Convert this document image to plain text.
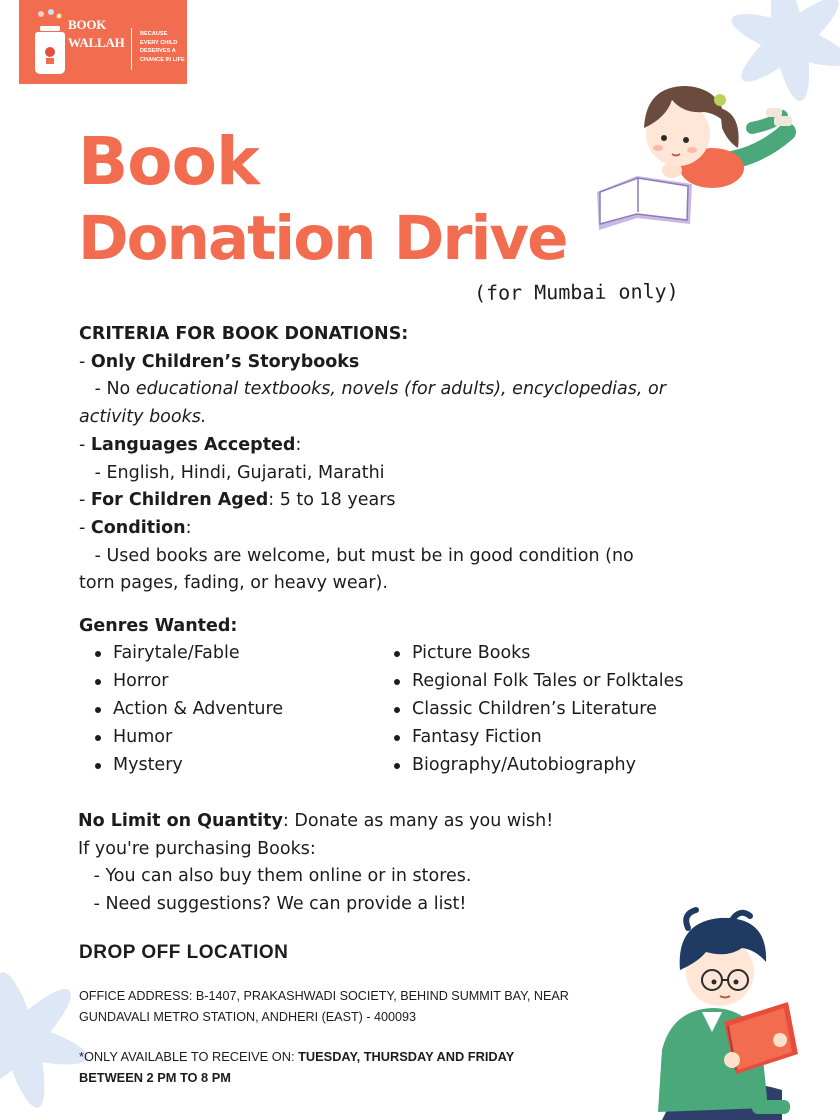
BOOK
WALLAH
BECAUSE
EVERY CHILD
DESERVES A
CHANCE IN LIFE
Book
Donation Drive
(for Mumbai only)
CRITERIA FOR BOOK DONATIONS:
- Only Children’s Storybooks
- No educational textbooks, novels (for adults), encyclopedias, or
activity books.
- Languages Accepted:
- English, Hindi, Gujarati, Marathi
- For Children Aged: 5 to 18 years
- Condition:
- Used books are welcome, but must be in good condition (no
torn pages, fading, or heavy wear).
Genres Wanted:
Fairytale/Fable
Horror
Action & Adventure
Humor
Mystery
Picture Books
Regional Folk Tales or Folktales
Classic Children’s Literature
Fantasy Fiction
Biography/Autobiography
No Limit on Quantity: Donate as many as you wish!
If you're purchasing Books:
- You can also buy them online or in stores.
- Need suggestions? We can provide a list!
DROP OFF LOCATION
OFFICE ADDRESS: B-1407, PRAKASHWADI SOCIETY, BEHIND SUMMIT BAY, NEAR
GUNDAVALI METRO STATION, ANDHERI (EAST) - 400093
*ONLY AVAILABLE TO RECEIVE ON: TUESDAY, THURSDAY AND FRIDAY
BETWEEN 2 PM TO 8 PM
